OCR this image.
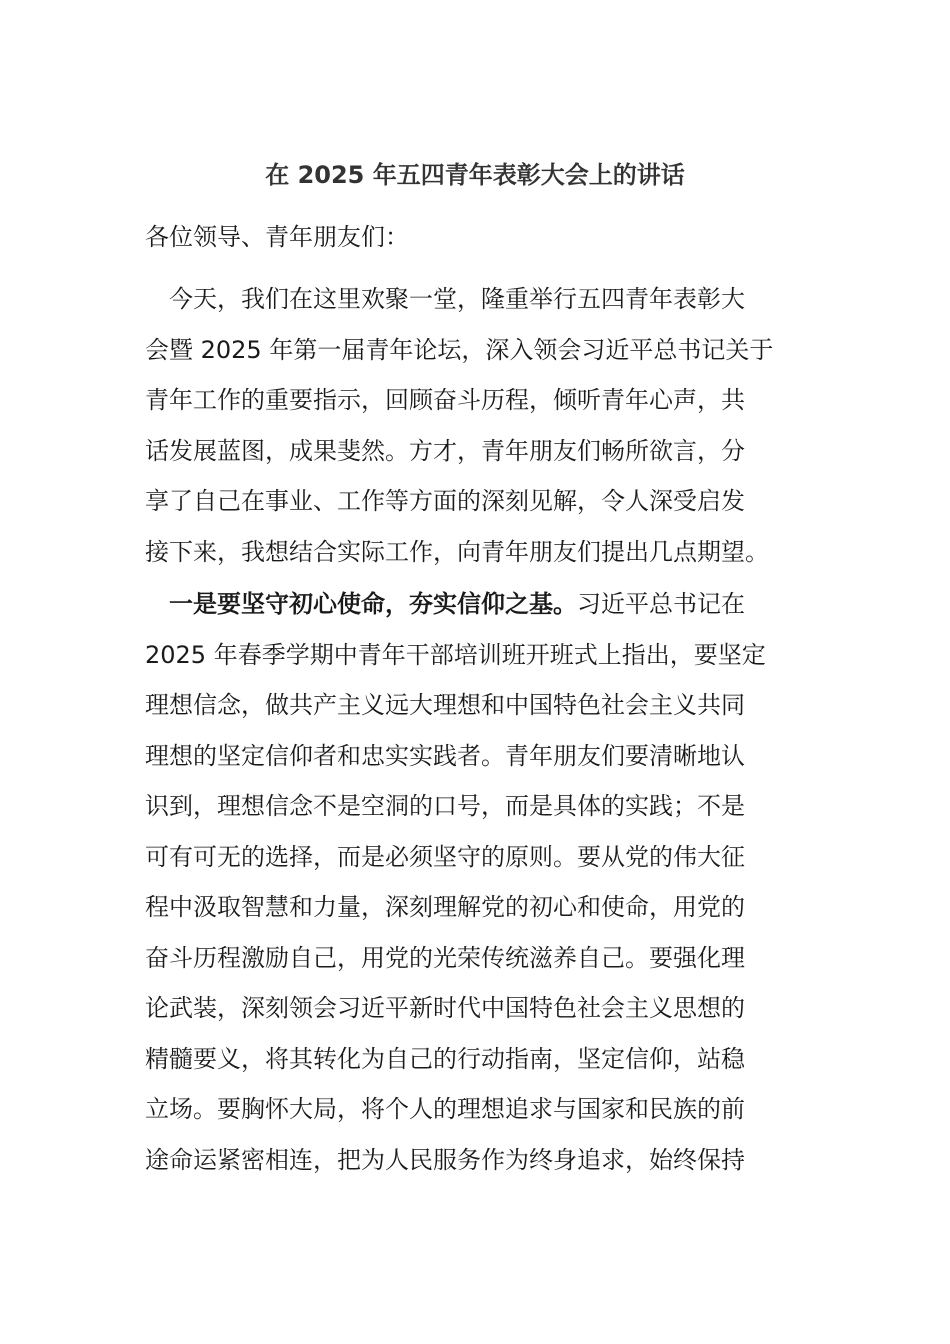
在 2025 年五四青年表彰大会上的讲话
各位领导、青年朋友们：
　今天，我们在这里欢聚一堂，隆重举行五四青年表彰大
会暨 2025 年第一届青年论坛，深入领会习近平总书记关于
青年工作的重要指示，回顾奋斗历程，倾听青年心声，共
话发展蓝图，成果斐然。方才，青年朋友们畅所欲言，分
享了自己在事业、工作等方面的深刻见解，令人深受启发
接下来，我想结合实际工作，向青年朋友们提出几点期望。
　一是要坚守初心使命，夯实信仰之基。习近平总书记在
2025 年春季学期中青年干部培训班开班式上指出，要坚定
理想信念，做共产主义远大理想和中国特色社会主义共同
理想的坚定信仰者和忠实实践者。青年朋友们要清晰地认
识到，理想信念不是空洞的口号，而是具体的实践；不是
可有可无的选择，而是必须坚守的原则。要从党的伟大征
程中汲取智慧和力量，深刻理解党的初心和使命，用党的
奋斗历程激励自己，用党的光荣传统滋养自己。要强化理
论武装，深刻领会习近平新时代中国特色社会主义思想的
精髓要义，将其转化为自己的行动指南，坚定信仰，站稳
立场。要胸怀大局，将个人的理想追求与国家和民族的前
途命运紧密相连，把为人民服务作为终身追求，始终保持
